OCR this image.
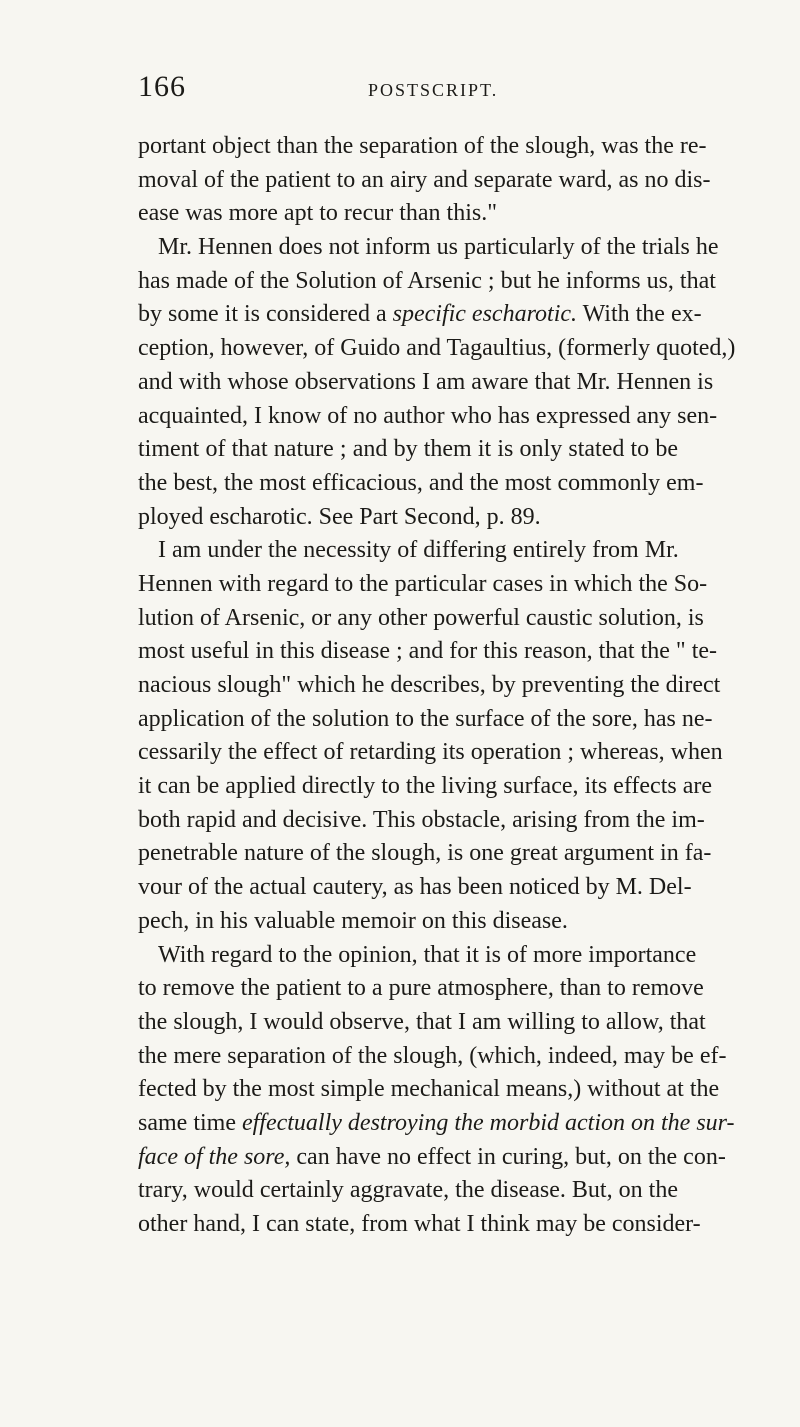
166	POSTSCRIPT.
portant object than the separation of the slough, was the re-
moval of the patient to an airy and separate ward, as no dis-
ease was more apt to recur than this."
Mr. Hennen does not inform us particularly of the trials he
has made of the Solution of Arsenic ; but he informs us, that
by some it is considered a specific escharotic. With the ex-
ception, however, of Guido and Tagaultius, (formerly quoted,)
and with whose observations I am aware that Mr. Hennen is
acquainted, I know of no author who has expressed any sen-
timent of that nature ; and by them it is only stated to be
the best, the most efficacious, and the most commonly em-
ployed escharotic. See Part Second, p. 89.
I am under the necessity of differing entirely from Mr.
Hennen with regard to the particular cases in which the So-
lution of Arsenic, or any other powerful caustic solution, is
most useful in this disease ; and for this reason, that the " te-
nacious slough" which he describes, by preventing the direct
application of the solution to the surface of the sore, has ne-
cessarily the effect of retarding its operation ; whereas, when
it can be applied directly to the living surface, its effects are
both rapid and decisive. This obstacle, arising from the im-
penetrable nature of the slough, is one great argument in fa-
vour of the actual cautery, as has been noticed by M. Del-
pech, in his valuable memoir on this disease.
With regard to the opinion, that it is of more importance
to remove the patient to a pure atmosphere, than to remove
the slough, I would observe, that I am willing to allow, that
the mere separation of the slough, (which, indeed, may be ef-
fected by the most simple mechanical means,) without at the
same time effectually destroying the morbid action on the sur-
face of the sore, can have no effect in curing, but, on the con-
trary, would certainly aggravate, the disease. But, on the
other hand, I can state, from what I think may be consider-
